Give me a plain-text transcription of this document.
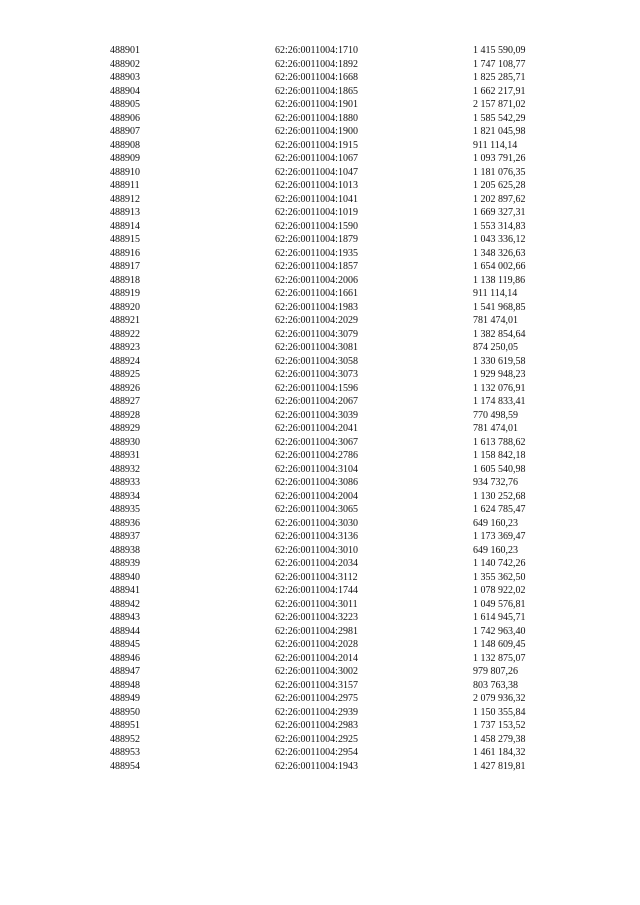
488901	62:26:0011004:1710	1 415 590,09
488902	62:26:0011004:1892	1 747 108,77
488903	62:26:0011004:1668	1 825 285,71
488904	62:26:0011004:1865	1 662 217,91
488905	62:26:0011004:1901	2 157 871,02
488906	62:26:0011004:1880	1 585 542,29
488907	62:26:0011004:1900	1 821 045,98
488908	62:26:0011004:1915	911 114,14
488909	62:26:0011004:1067	1 093 791,26
488910	62:26:0011004:1047	1 181 076,35
488911	62:26:0011004:1013	1 205 625,28
488912	62:26:0011004:1041	1 202 897,62
488913	62:26:0011004:1019	1 669 327,31
488914	62:26:0011004:1590	1 553 314,83
488915	62:26:0011004:1879	1 043 336,12
488916	62:26:0011004:1935	1 348 326,63
488917	62:26:0011004:1857	1 654 002,66
488918	62:26:0011004:2006	1 138 119,86
488919	62:26:0011004:1661	911 114,14
488920	62:26:0011004:1983	1 541 968,85
488921	62:26:0011004:2029	781 474,01
488922	62:26:0011004:3079	1 382 854,64
488923	62:26:0011004:3081	874 250,05
488924	62:26:0011004:3058	1 330 619,58
488925	62:26:0011004:3073	1 929 948,23
488926	62:26:0011004:1596	1 132 076,91
488927	62:26:0011004:2067	1 174 833,41
488928	62:26:0011004:3039	770 498,59
488929	62:26:0011004:2041	781 474,01
488930	62:26:0011004:3067	1 613 788,62
488931	62:26:0011004:2786	1 158 842,18
488932	62:26:0011004:3104	1 605 540,98
488933	62:26:0011004:3086	934 732,76
488934	62:26:0011004:2004	1 130 252,68
488935	62:26:0011004:3065	1 624 785,47
488936	62:26:0011004:3030	649 160,23
488937	62:26:0011004:3136	1 173 369,47
488938	62:26:0011004:3010	649 160,23
488939	62:26:0011004:2034	1 140 742,26
488940	62:26:0011004:3112	1 355 362,50
488941	62:26:0011004:1744	1 078 922,02
488942	62:26:0011004:3011	1 049 576,81
488943	62:26:0011004:3223	1 614 945,71
488944	62:26:0011004:2981	1 742 963,40
488945	62:26:0011004:2028	1 148 609,45
488946	62:26:0011004:2014	1 132 875,07
488947	62:26:0011004:3002	979 807,26
488948	62:26:0011004:3157	803 763,38
488949	62:26:0011004:2975	2 079 936,32
488950	62:26:0011004:2939	1 150 355,84
488951	62:26:0011004:2983	1 737 153,52
488952	62:26:0011004:2925	1 458 279,38
488953	62:26:0011004:2954	1 461 184,32
488954	62:26:0011004:1943	1 427 819,81
